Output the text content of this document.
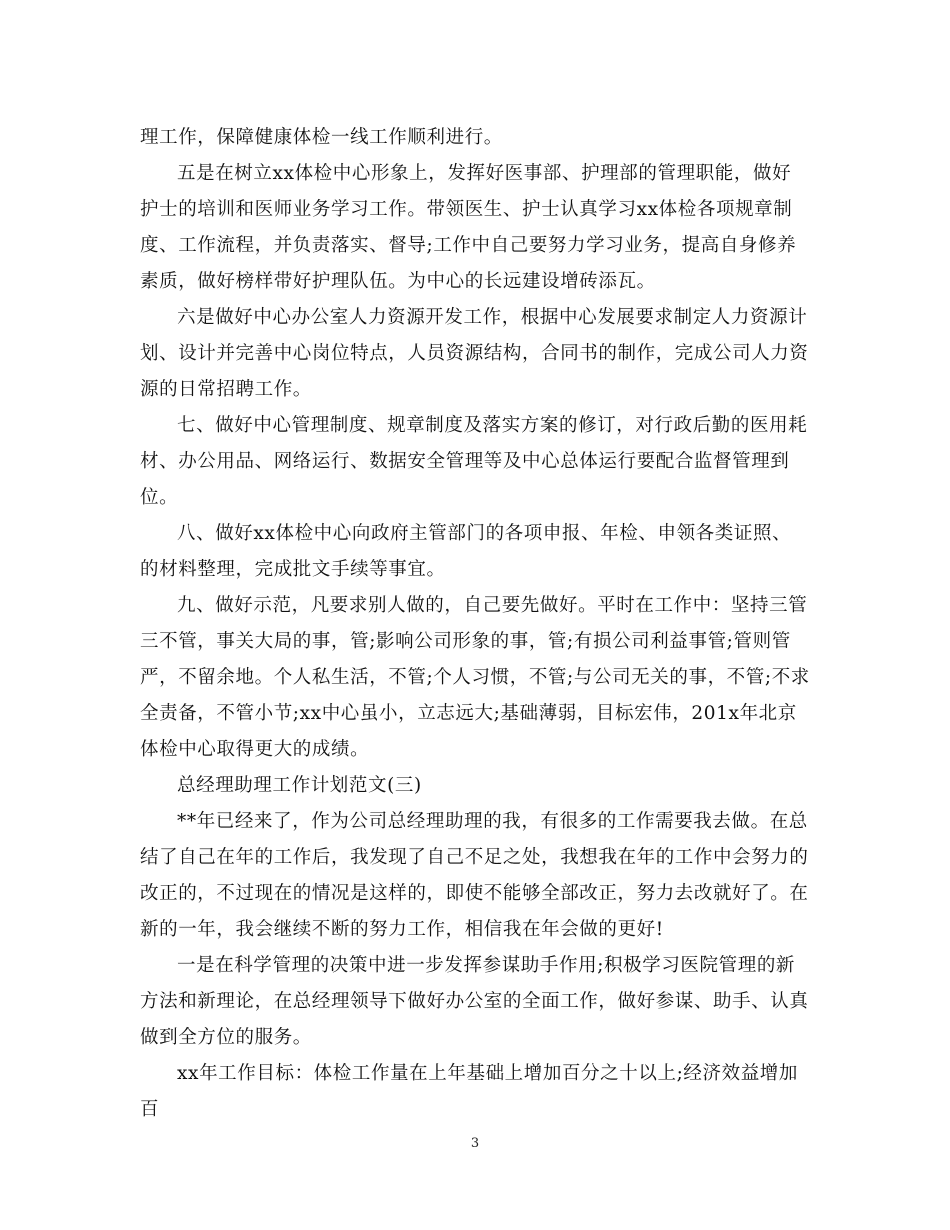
理工作，保障健康体检一线工作顺利进行。

五是在树立xx体检中心形象上，发挥好医事部、护理部的管理职能，做好护士的培训和医师业务学习工作。带领医生、护士认真学习xx体检各项规章制度、工作流程，并负责落实、督导;工作中自己要努力学习业务，提高自身修养素质，做好榜样带好护理队伍。为中心的长远建设增砖添瓦。

六是做好中心办公室人力资源开发工作，根据中心发展要求制定人力资源计划、设计并完善中心岗位特点，人员资源结构，合同书的制作，完成公司人力资源的日常招聘工作。

七、做好中心管理制度、规章制度及落实方案的修订，对行政后勤的医用耗材、办公用品、网络运行、数据安全管理等及中心总体运行要配合监督管理到位。

八、做好xx体检中心向政府主管部门的各项申报、年检、申领各类证照、的材料整理，完成批文手续等事宜。

九、做好示范，凡要求别人做的，自己要先做好。平时在工作中：坚持三管三不管，事关大局的事，管;影响公司形象的事，管;有损公司利益事管;管则管严，不留余地。个人私生活，不管;个人习惯，不管;与公司无关的事，不管;不求全责备，不管小节;xx中心虽小，立志远大;基础薄弱，目标宏伟，201x年北京体检中心取得更大的成绩。

总经理助理工作计划范文(三)

**年已经来了，作为公司总经理助理的我，有很多的工作需要我去做。在总结了自己在年的工作后，我发现了自己不足之处，我想我在年的工作中会努力的改正的，不过现在的情况是这样的，即使不能够全部改正，努力去改就好了。在新的一年，我会继续不断的努力工作，相信我在年会做的更好!

一是在科学管理的决策中进一步发挥参谋助手作用;积极学习医院管理的新方法和新理论，在总经理领导下做好办公室的全面工作，做好参谋、助手、认真做到全方位的服务。

xx年工作目标：体检工作量在上年基础上增加百分之十以上;经济效益增加百

3
